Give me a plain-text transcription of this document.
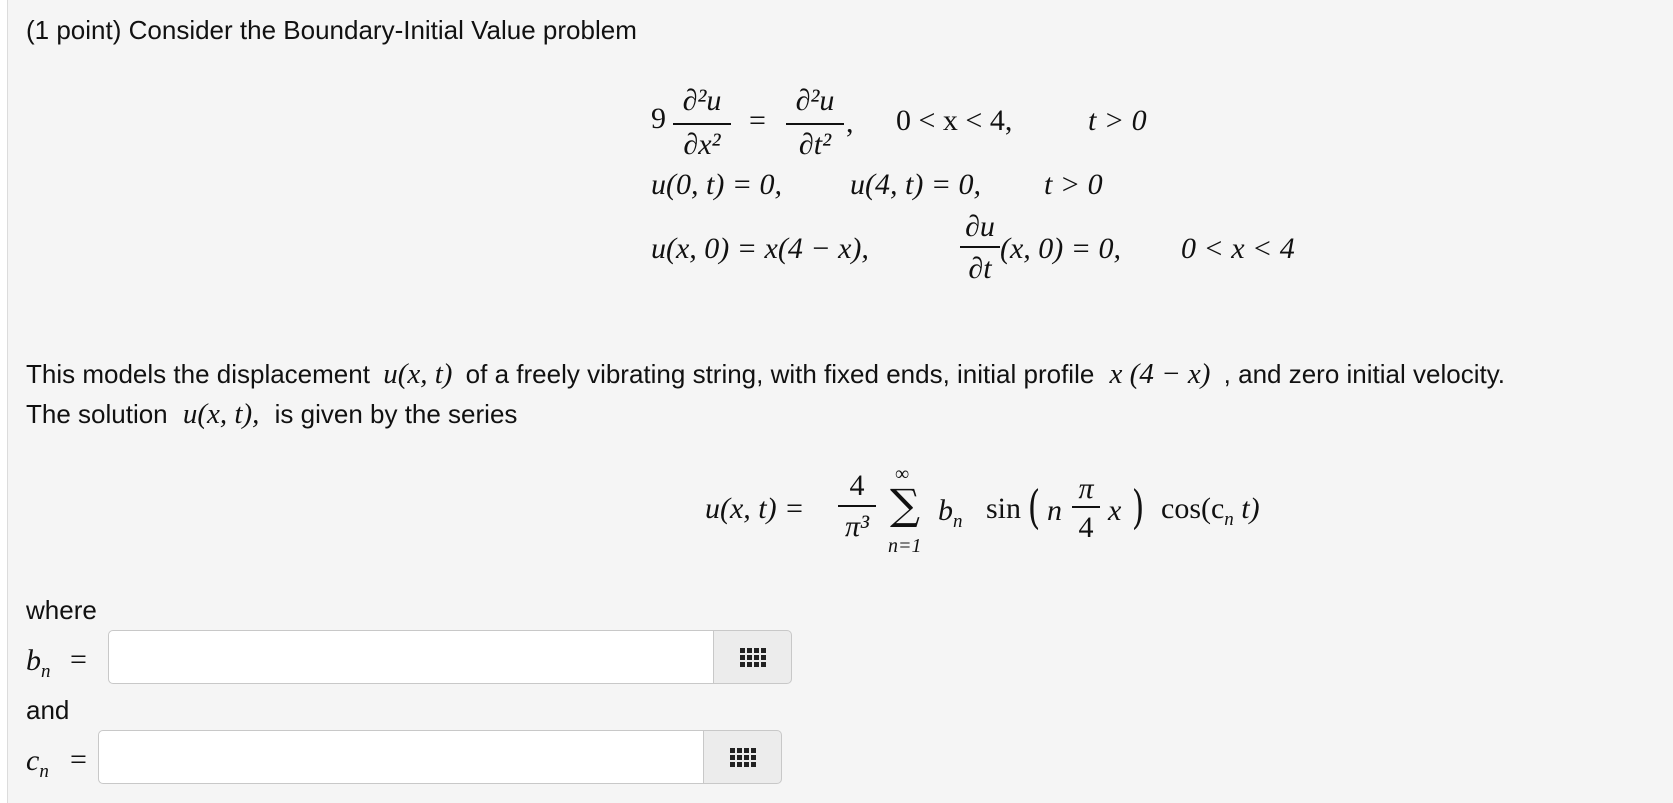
(1 point) Consider the Boundary-Initial Value problem
9
∂²u
∂x²
=
∂²u
∂t²
, 0 < x < 4,	t > 0
u(0, t) = 0, u(4, t) = 0, t > 0
u(x, 0) = x(4 − x),
∂u
∂t
(x, 0) = 0, 0 < x < 4
This models the displacement u(x, t) of a freely vibrating string, with fixed ends, initial profile x (4 − x) , and zero initial velocity.
The solution u(x, t), is given by the series
u(x, t) =
4
π³
∞
∑
n=1
$b_n$ sin ( n
π
4
x ) $\cos(c_n$ t)
where
$b_n$ =
and
$c_n$ =
